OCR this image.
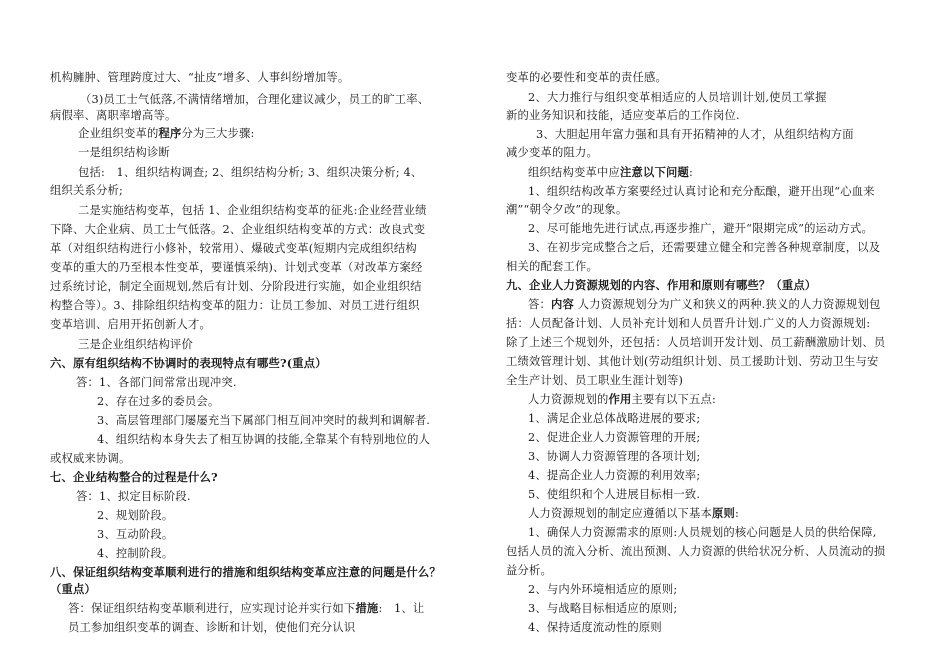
机构臃肿、管理跨度过大、“扯皮”增多、人事纠纷增加等。
（3)员工士气低落,不满情绪增加，合理化建议减少，员工的旷工率、
病假率、离职率增高等。
企业组织变革的程序分为三大步骤:
一是组织结构诊断
包括:　1、组织结构调查; 2、组织结构分析; 3、组织决策分析; 4、
组织关系分析;
二是实施结构变革，包括 1、企业组织结构变革的征兆:企业经营业绩
下降、大企业病、员工士气低落。2、企业组织结构变革的方式：改良式变
革（对组织结构进行小修补，较常用）、爆破式变革(短期内完成组织结构
变革的重大的乃至根本性变革，要谨慎采纳)、计划式变革（对改革方案经
过系统讨论，制定全面规划,然后有计划、分阶段进行实施，如企业组织结
构整合等）。3、排除组织结构变革的阻力：让员工参加、对员工进行组织
变革培训、启用开拓创新人才。
三是企业组织结构评价
六、原有组织结构不协调时的表现特点有哪些?(重点）
答：1、各部门间常常出现冲突.
2、存在过多的委员会。
3、高层管理部门屡屡充当下属部门相互间冲突时的裁判和调解者.
4、组织结构本身失去了相互协调的技能,全靠某个有特别地位的人
或权威来协调。
七、企业结构整合的过程是什么?
答：1、拟定目标阶段.
2、规划阶段。
3、互动阶段。
4、控制阶段。
八、保证组织结构变革顺利进行的措施和组织结构变革应注意的问题是什么？
（重点）
答：保证组织结构变革顺利进行，应实现讨论并实行如下措施:　1、让
员工参加组织变革的调查、诊断和计划，使他们充分认识
变革的必要性和变革的责任感。
2、大力推行与组织变革相适应的人员培训计划,使员工掌握
新的业务知识和技能，适应变革后的工作岗位.
3、大胆起用年富力强和具有开拓精神的人才，从组织结构方面
减少变革的阻力。
组织结构变革中应注意以下问题:
1、组织结构改革方案要经过认真讨论和充分酝酿，避开出现“心血来
潮”“朝令夕改”的现象。
2、尽可能地先进行试点,再逐步推广，避开“限期完成”的运动方式。
3、在初步完成整合之后，还需要建立健全和完善各种规章制度，以及
相关的配套工作。
九、企业人力资源规划的内容、作用和原则有哪些？（重点）
答：内容 人力资源规划分为广义和狭义的两种.狭义的人力资源规划包
括：人员配备计划、人员补充计划和人员晋升计划.广义的人力资源规划:
除了上述三个规划外，还包括：人员培训开发计划、员工薪酬激励计划、员
工绩效管理计划、其他计划(劳动组织计划、员工援助计划、劳动卫生与安
全生产计划、员工职业生涯计划等)
人力资源规划的作用主要有以下五点:
1、满足企业总体战略进展的要求;
2、促进企业人力资源管理的开展;
3、协调人力资源管理的各项计划;
4、提高企业人力资源的利用效率;
5、使组织和个人进展目标相一致.
人力资源规划的制定应遵循以下基本原则:
1、确保人力资源需求的原则:人员规划的核心问题是人员的供给保障,
包括人员的流入分析、流出预测、人力资源的供给状况分析、人员流动的损
益分析。
2、与内外环境相适应的原则;
3、与战略目标相适应的原则;
4、保持适度流动性的原则
